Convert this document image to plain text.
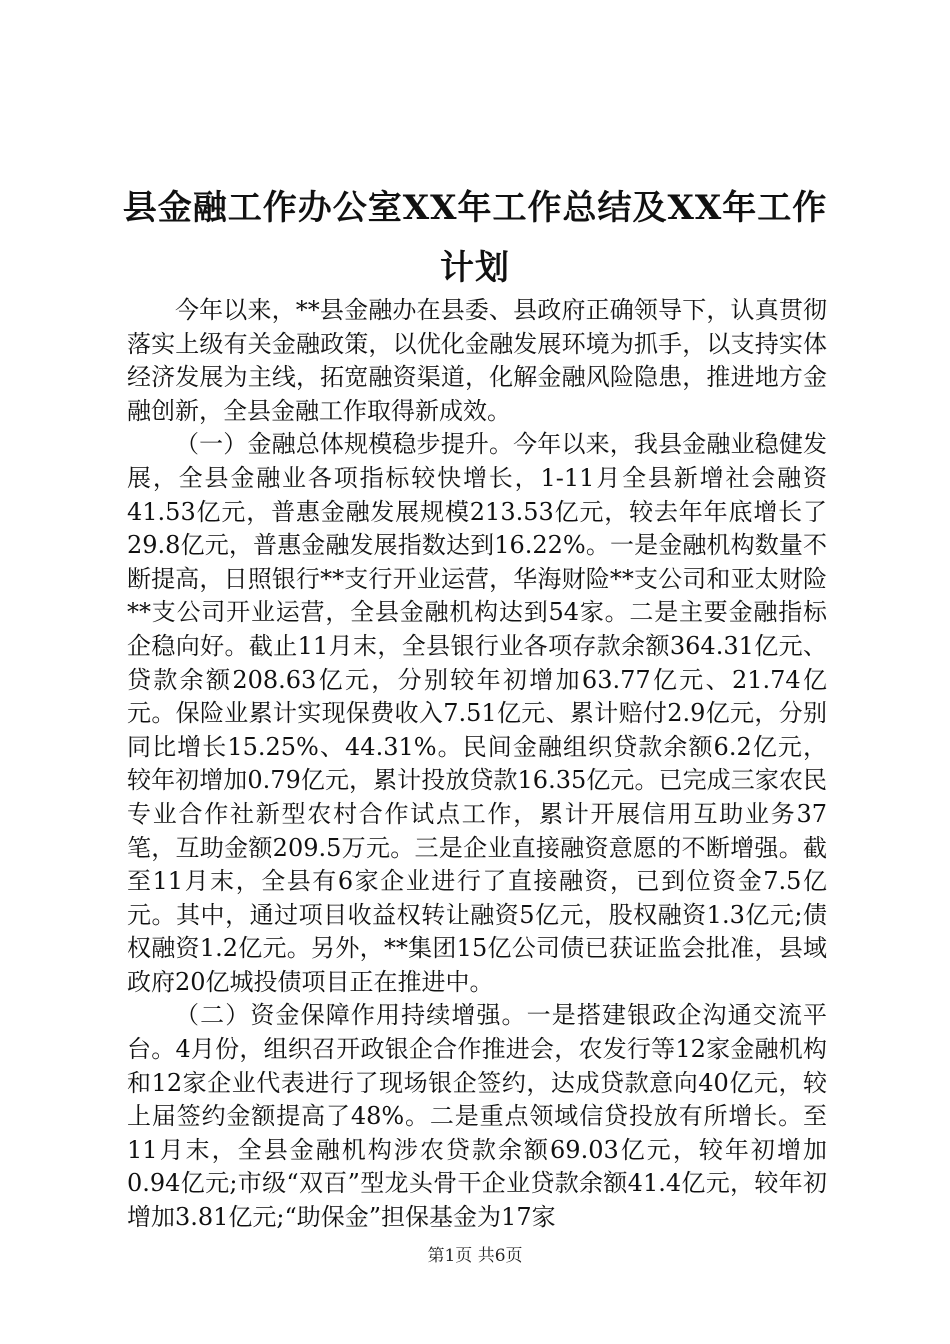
县金融工作办公室XX年工作总结及XX年工作计划

今年以来，**县金融办在县委、县政府正确领导下，认真贯彻落实上级有关金融政策，以优化金融发展环境为抓手，以支持实体经济发展为主线，拓宽融资渠道，化解金融风险隐患，推进地方金融创新，全县金融工作取得新成效。

（一）金融总体规模稳步提升。今年以来，我县金融业稳健发展，全县金融业各项指标较快增长，1-11月全县新增社会融资41.53亿元，普惠金融发展规模213.53亿元，较去年年底增长了29.8亿元，普惠金融发展指数达到16.22%。一是金融机构数量不断提高，日照银行**支行开业运营，华海财险**支公司和亚太财险**支公司开业运营，全县金融机构达到54家。二是主要金融指标企稳向好。截止11月末，全县银行业各项存款余额364.31亿元、贷款余额208.63亿元，分别较年初增加63.77亿元、21.74亿元。保险业累计实现保费收入7.51亿元、累计赔付2.9亿元，分别同比增长15.25%、44.31%。民间金融组织贷款余额6.2亿元，较年初增加0.79亿元，累计投放贷款16.35亿元。已完成三家农民专业合作社新型农村合作试点工作，累计开展信用互助业务37笔，互助金额209.5万元。三是企业直接融资意愿的不断增强。截至11月末，全县有6家企业进行了直接融资，已到位资金7.5亿元。其中，通过项目收益权转让融资5亿元，股权融资1.3亿元;债权融资1.2亿元。另外，**集团15亿公司债已获证监会批准，县域政府20亿城投债项目正在推进中。

（二）资金保障作用持续增强。一是搭建银政企沟通交流平台。4月份，组织召开政银企合作推进会，农发行等12家金融机构和12家企业代表进行了现场银企签约，达成贷款意向40亿元，较上届签约金额提高了48%。二是重点领域信贷投放有所增长。至11月末，全县金融机构涉农贷款余额69.03亿元，较年初增加0.94亿元;市级“双百”型龙头骨干企业贷款余额41.4亿元，较年初增加3.81亿元;“助保金”担保基金为17家

第1页 共6页
